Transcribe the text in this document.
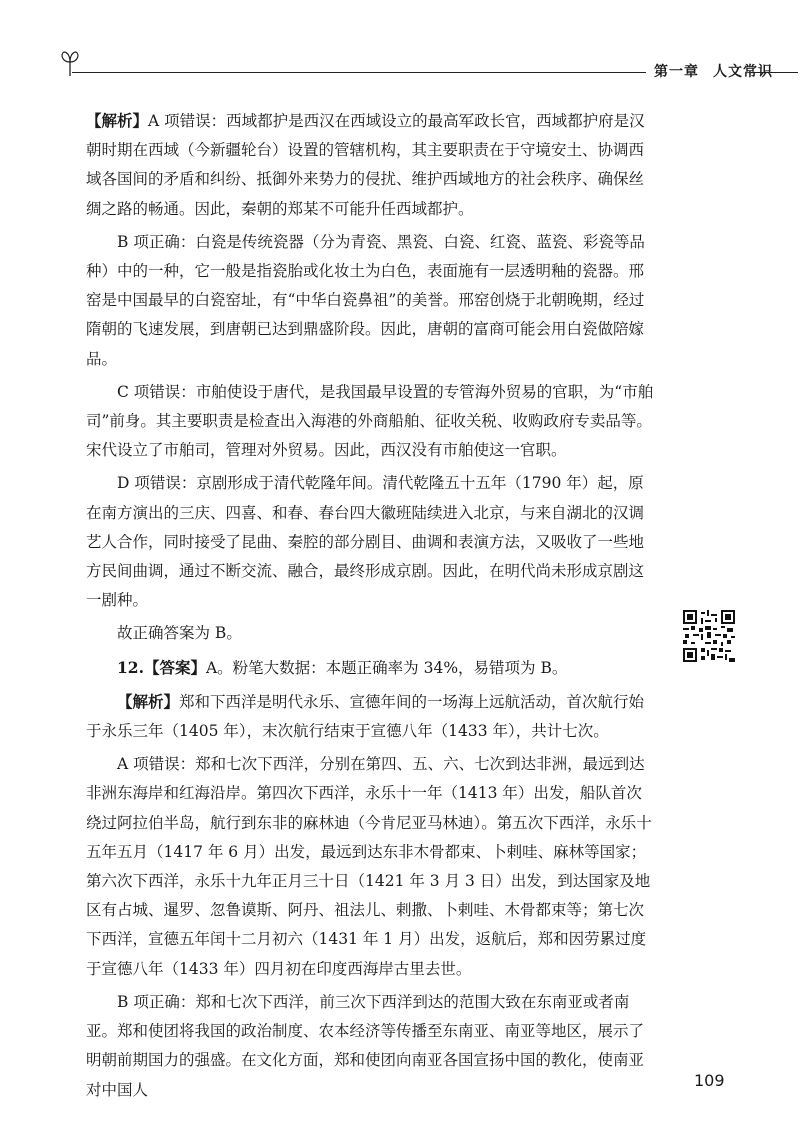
第一章 人文常识

【解析】A 项错误：西域都护是西汉在西域设立的最高军政长官，西域都护府是汉朝时期在西域（今新疆轮台）设置的管辖机构，其主要职责在于守境安土、协调西域各国间的矛盾和纠纷、抵御外来势力的侵扰、维护西域地方的社会秩序、确保丝绸之路的畅通。因此，秦朝的郑某不可能升任西域都护。

B 项正确：白瓷是传统瓷器（分为青瓷、黑瓷、白瓷、红瓷、蓝瓷、彩瓷等品种）中的一种，它一般是指瓷胎或化妆土为白色，表面施有一层透明釉的瓷器。邢窑是中国最早的白瓷窑址，有“中华白瓷鼻祖”的美誉。邢窑创烧于北朝晚期，经过隋朝的飞速发展，到唐朝已达到鼎盛阶段。因此，唐朝的富商可能会用白瓷做陪嫁品。

C 项错误：市舶使设于唐代，是我国最早设置的专管海外贸易的官职，为“市舶司”前身。其主要职责是检查出入海港的外商船舶、征收关税、收购政府专卖品等。宋代设立了市舶司，管理对外贸易。因此，西汉没有市舶使这一官职。

D 项错误：京剧形成于清代乾隆年间。清代乾隆五十五年（1790 年）起，原在南方演出的三庆、四喜、和春、春台四大徽班陆续进入北京，与来自湖北的汉调艺人合作，同时接受了昆曲、秦腔的部分剧目、曲调和表演方法，又吸收了一些地方民间曲调，通过不断交流、融合，最终形成京剧。因此，在明代尚未形成京剧这一剧种。

故正确答案为 B。

12.【答案】A。粉笔大数据：本题正确率为 34%，易错项为 B。

【解析】郑和下西洋是明代永乐、宣德年间的一场海上远航活动，首次航行始于永乐三年（1405 年），末次航行结束于宣德八年（1433 年），共计七次。

A 项错误：郑和七次下西洋，分别在第四、五、六、七次到达非洲，最远到达非洲东海岸和红海沿岸。第四次下西洋，永乐十一年（1413 年）出发，船队首次绕过阿拉伯半岛，航行到东非的麻林迪（今肯尼亚马林迪）。第五次下西洋，永乐十五年五月（1417 年 6 月）出发，最远到达东非木骨都束、卜剌哇、麻林等国家；第六次下西洋，永乐十九年正月三十日（1421 年 3 月 3 日）出发，到达国家及地区有占城、暹罗、忽鲁谟斯、阿丹、祖法儿、剌撒、卜剌哇、木骨都束等；第七次下西洋，宣德五年闰十二月初六（1431 年 1 月）出发，返航后，郑和因劳累过度于宣德八年（1433 年）四月初在印度西海岸古里去世。

B 项正确：郑和七次下西洋，前三次下西洋到达的范围大致在东南亚或者南亚。郑和使团将我国的政治制度、农本经济等传播至东南亚、南亚等地区，展示了明朝前期国力的强盛。在文化方面，郑和使团向南亚各国宣扬中国的教化，使南亚对中国人	109
